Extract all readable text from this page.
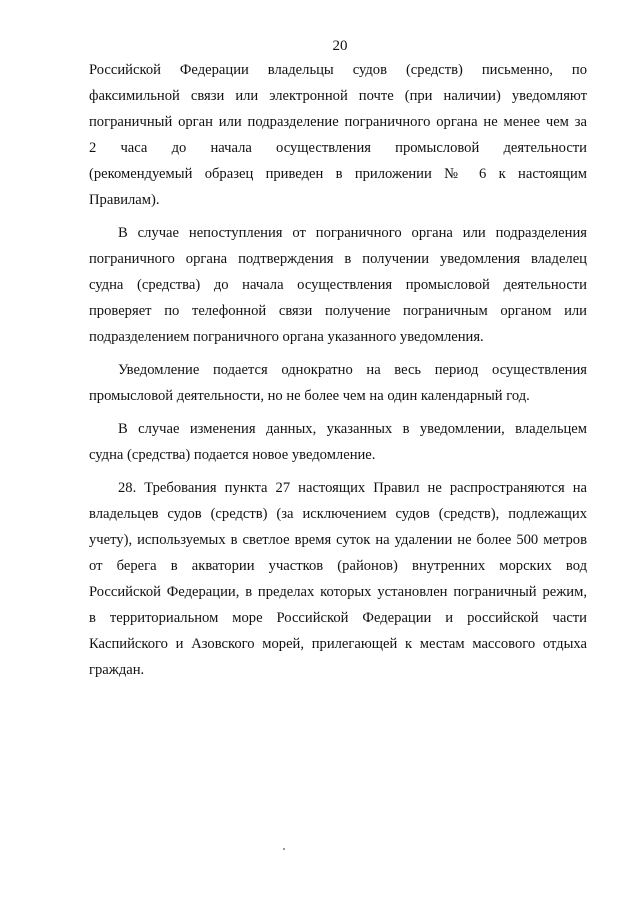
20

Российской Федерации владельцы судов (средств) письменно, по
факсимильной связи или электронной почте (при наличии) уведомляют
пограничный орган или подразделение пограничного органа не менее чем за
2 часа до начала осуществления промысловой деятельности
(рекомендуемый образец приведен в приложении № 6 к настоящим
Правилам).

В случае непоступления от пограничного органа или подразделения
пограничного органа подтверждения в получении уведомления владелец
судна (средства) до начала осуществления промысловой деятельности
проверяет по телефонной связи получение пограничным органом или
подразделением пограничного органа указанного уведомления.

Уведомление подается однократно на весь период осуществления
промысловой деятельности, но не более чем на один календарный год.

В случае изменения данных, указанных в уведомлении, владельцем
судна (средства) подается новое уведомление.

28. Требования пункта 27 настоящих Правил не распространяются на
владельцев судов (средств) (за исключением судов (средств), подлежащих
учету), используемых в светлое время суток на удалении не более 500 метров
от берега в акватории участков (районов) внутренних морских вод
Российской Федерации, в пределах которых установлен пограничный режим,
в территориальном море Российской Федерации и российской части
Каспийского и Азовского морей, прилегающей к местам массового отдыха
граждан.
